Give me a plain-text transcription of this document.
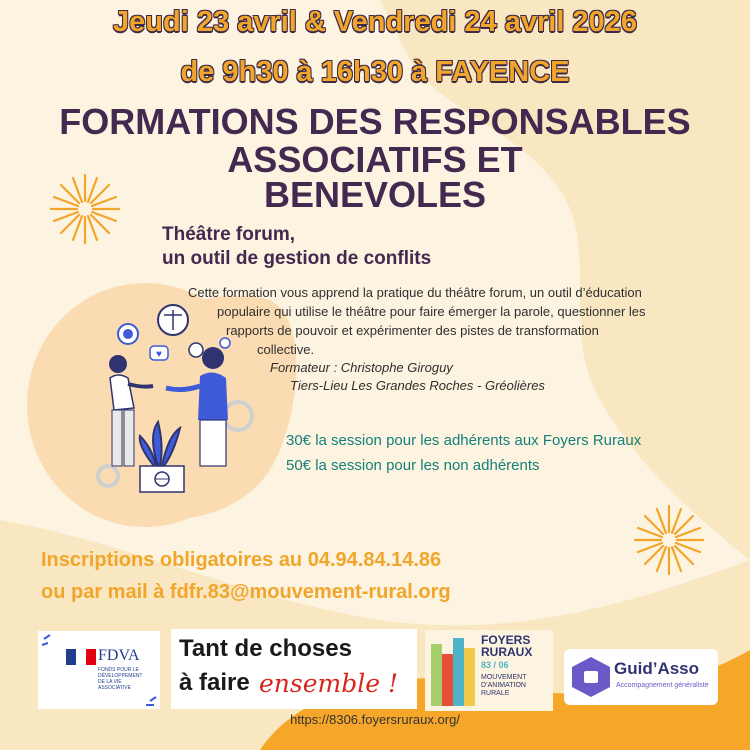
Jeudi 23 avril & Vendredi 24 avril 2026
de 9h30 à 16h30 à FAYENCE
FORMATIONS DES RESPONSABLES
ASSOCIATIFS ET
BENEVOLES
Théâtre forum,
un outil de gestion de conflits
Cette formation vous apprend la pratique du théâtre forum, un outil d’éducation
populaire qui utilise le théâtre pour faire émerger la parole, questionner les
rapports de pouvoir et expérimenter des pistes de transformation
collective.
Formateur : Christophe Giroguy
Tiers-Lieu Les Grandes Roches - Gréolières
♥
30€ la session pour les adhérents aux Foyers Ruraux
50€ la session pour les non adhérents
Inscriptions obligatoires au 04.94.84.14.86
ou par mail à fdfr.83@mouvement-rural.org
FDVA
FONDS POUR LE
DÉVELOPPEMENT
DE LA VIE
ASSOCIATIVE
Tant de choses
à faire ensemble !
FOYERS
RURAUX
83 / 06
MOUVEMENT
D’ANIMATION
RURALE
Guid’Asso
Accompagnement généraliste
https://8306.foyersruraux.org/
